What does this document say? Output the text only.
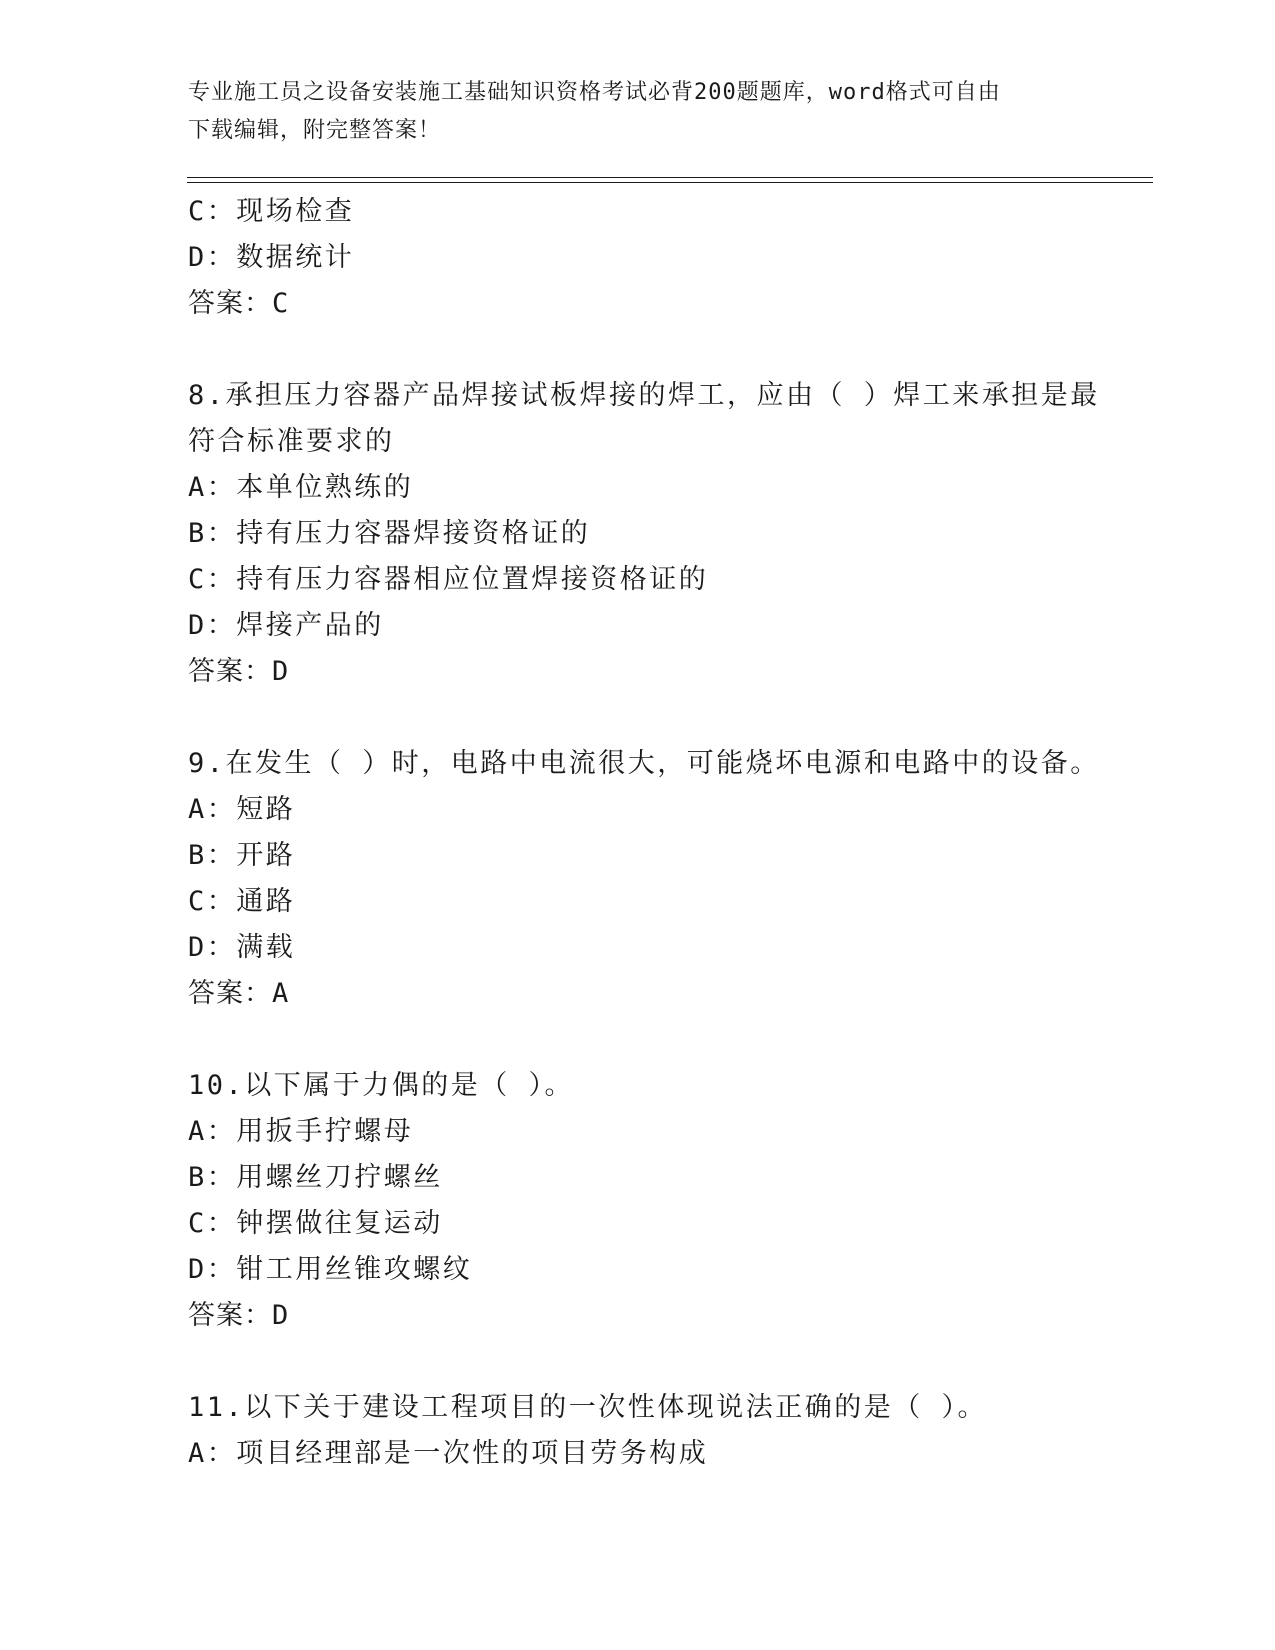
专业施工员之设备安装施工基础知识资格考试必背200题题库，word格式可自由
下载编辑，附完整答案！
C：现场检查
D：数据统计
答案：C
8.承担压力容器产品焊接试板焊接的焊工，应由（ ）焊工来承担是最
符合标准要求的
A：本单位熟练的
B：持有压力容器焊接资格证的
C：持有压力容器相应位置焊接资格证的
D：焊接产品的
答案：D
9.在发生（ ）时，电路中电流很大，可能烧坏电源和电路中的设备。
A：短路
B：开路
C：通路
D：满载
答案：A
10.以下属于力偶的是（ ）。
A：用扳手拧螺母
B：用螺丝刀拧螺丝
C：钟摆做往复运动
D：钳工用丝锥攻螺纹
答案：D
11.以下关于建设工程项目的一次性体现说法正确的是（ ）。
A：项目经理部是一次性的项目劳务构成
